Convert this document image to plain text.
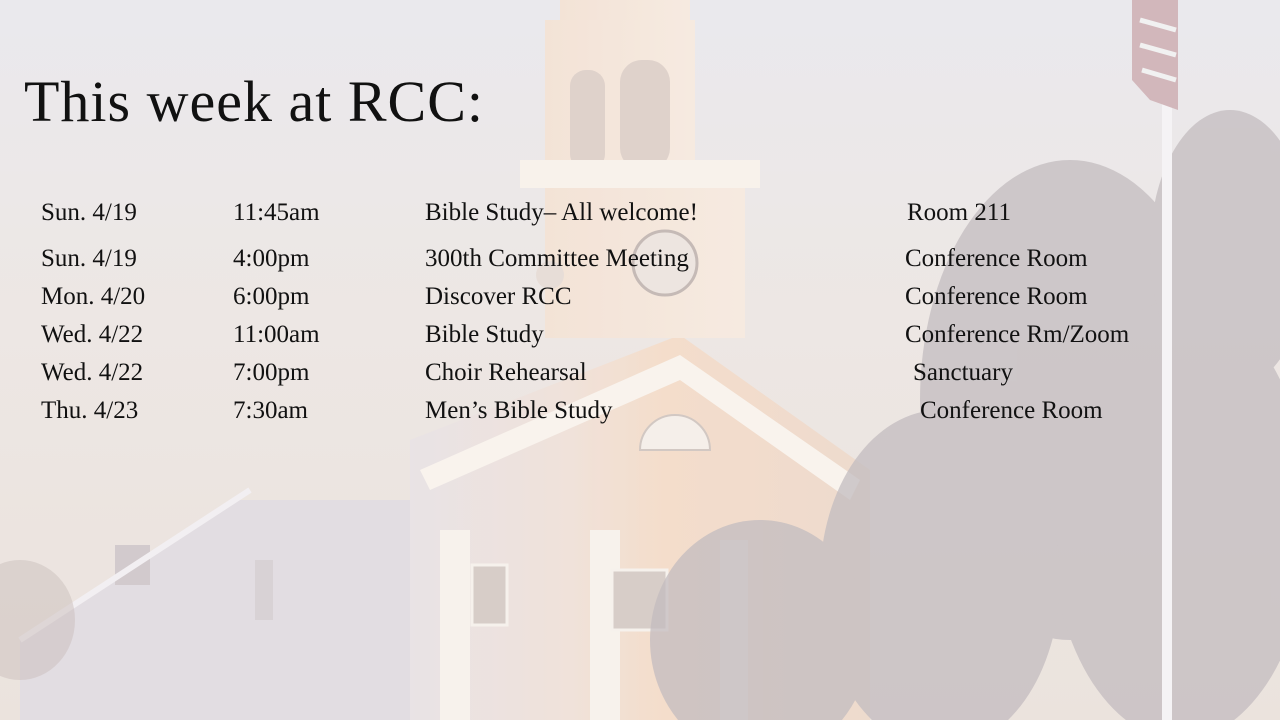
This week at RCC:
Sun. 4/19	11:45am	Bible Study– All welcome!	Room 211
Sun. 4/19	4:00pm	300th Committee Meeting	Conference Room
Mon. 4/20	6:00pm	Discover RCC	Conference Room
Wed. 4/22	11:00am	Bible Study	Conference Rm/Zoom
Wed. 4/22	7:00pm	Choir Rehearsal	Sanctuary
Thu. 4/23	7:30am	Men’s Bible Study	Conference Room
